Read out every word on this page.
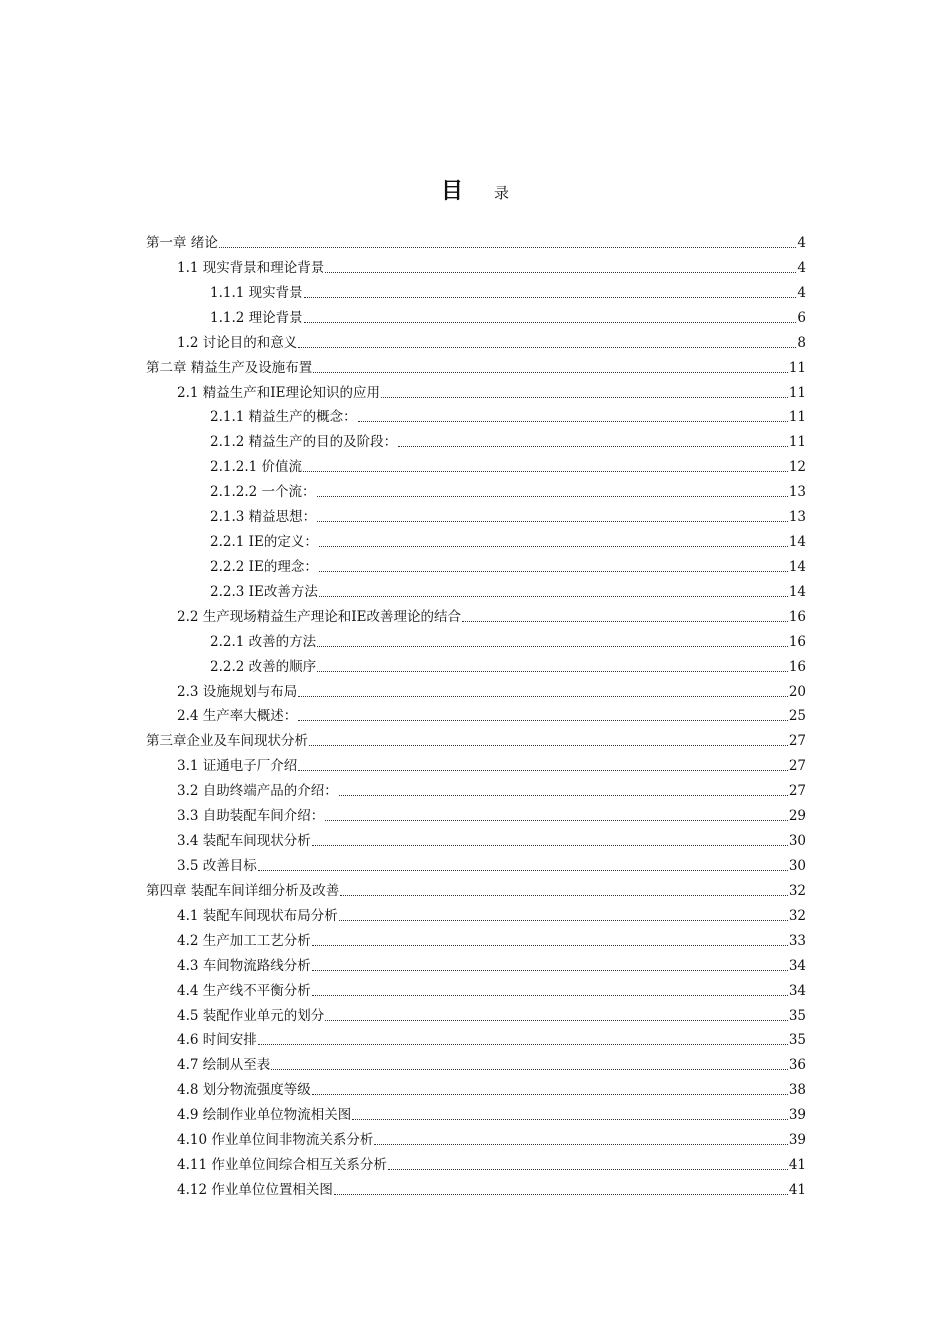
目 录
第一章 绪论	4
1.1 现实背景和理论背景	4
1.1.1 现实背景	4
1.1.2 理论背景	6
1.2 讨论目的和意义	8
第二章 精益生产及设施布置	11
2.1 精益生产和IE理论知识的应用	11
2.1.1 精益生产的概念：	11
2.1.2 精益生产的目的及阶段：	11
2.1.2.1 价值流	12
2.1.2.2 一个流：	13
2.1.3 精益思想：	13
2.2.1 IE的定义：	14
2.2.2 IE的理念：	14
2.2.3 IE改善方法	14
2.2 生产现场精益生产理论和IE改善理论的结合	16
2.2.1 改善的方法	16
2.2.2 改善的顺序	16
2.3 设施规划与布局	20
2.4 生产率大概述：	25
第三章企业及车间现状分析	27
3.1 证通电子厂介绍	27
3.2 自助终端产品的介绍：	27
3.3 自助装配车间介绍：	29
3.4 装配车间现状分析	30
3.5 改善目标	30
第四章 装配车间详细分析及改善	32
4.1 装配车间现状布局分析	32
4.2 生产加工工艺分析	33
4.3 车间物流路线分析	34
4.4 生产线不平衡分析	34
4.5 装配作业单元的划分	35
4.6 时间安排	35
4.7 绘制从至表	36
4.8 划分物流强度等级	38
4.9 绘制作业单位物流相关图	39
4.10 作业单位间非物流关系分析	39
4.11 作业单位间综合相互关系分析	41
4.12 作业单位位置相关图	41
